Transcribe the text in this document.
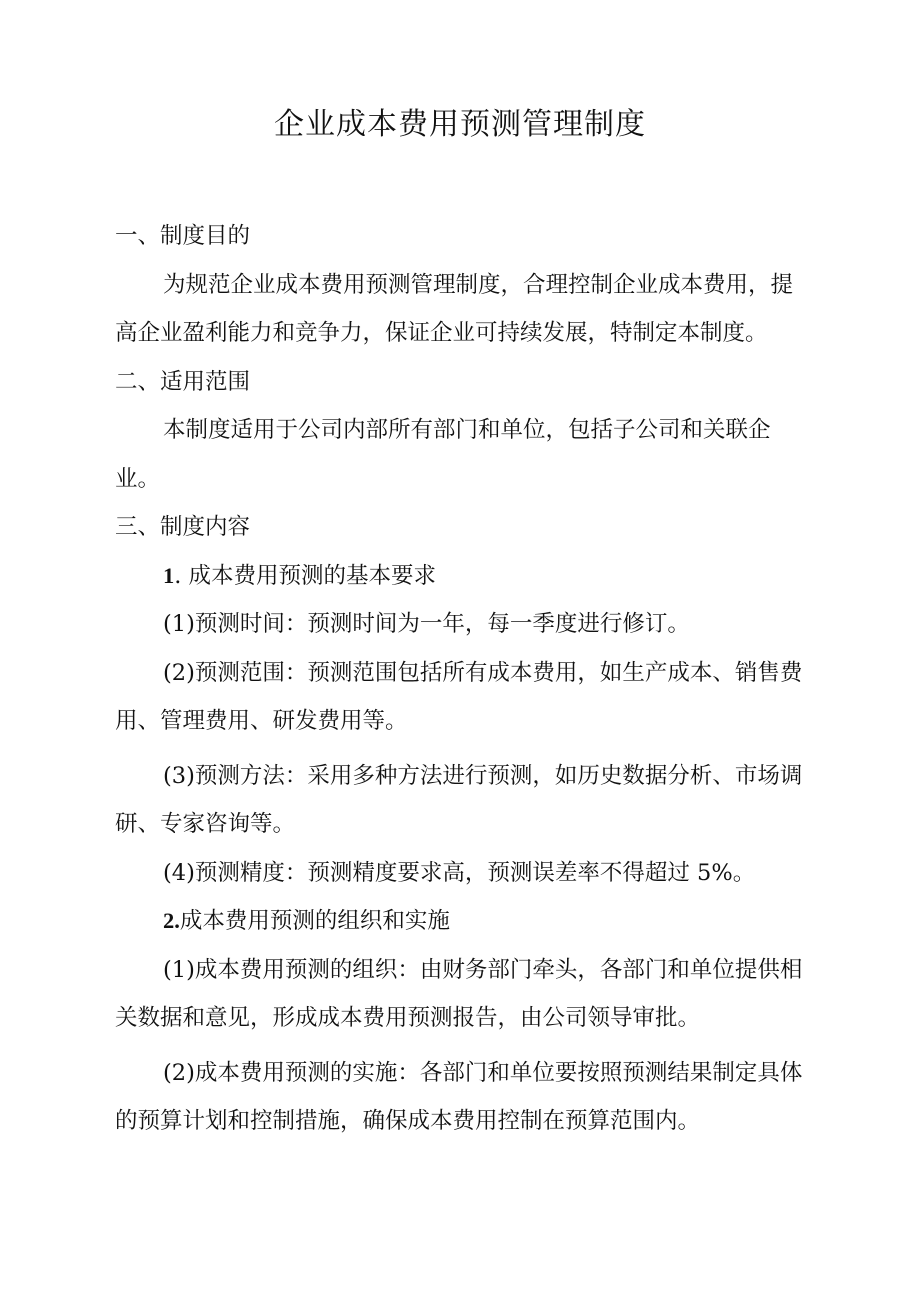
企业成本费用预测管理制度

一、制度目的

为规范企业成本费用预测管理制度，合理控制企业成本费用，提高企业盈利能力和竞争力，保证企业可持续发展，特制定本制度。

二、适用范围

本制度适用于公司内部所有部门和单位，包括子公司和关联企业。

三、制度内容

1. 成本费用预测的基本要求

(1)预测时间：预测时间为一年，每一季度进行修订。

(2)预测范围：预测范围包括所有成本费用，如生产成本、销售费用、管理费用、研发费用等。

(3)预测方法：采用多种方法进行预测，如历史数据分析、市场调研、专家咨询等。

(4)预测精度：预测精度要求高，预测误差率不得超过 5%。

2.成本费用预测的组织和实施

(1)成本费用预测的组织：由财务部门牵头，各部门和单位提供相关数据和意见，形成成本费用预测报告，由公司领导审批。

(2)成本费用预测的实施：各部门和单位要按照预测结果制定具体的预算计划和控制措施，确保成本费用控制在预算范围内。
